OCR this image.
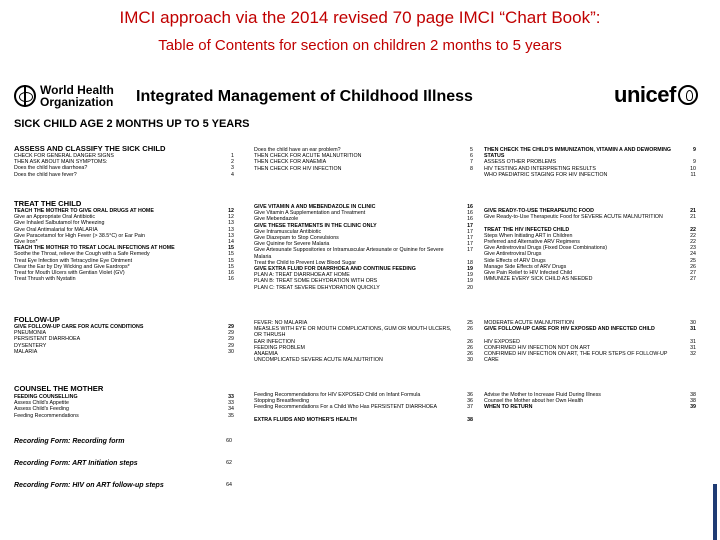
IMCI approach via the 2014 revised 70 page IMCI “Chart Book”:
Table of Contents for section on children 2 months to 5 years
World Health
Organization Integrated Management of Childhood Illness	unicef
SICK CHILD AGE 2 MONTHS UP TO 5 YEARS
ASSESS AND CLASSIFY THE SICK CHILD
TREAT THE CHILD
FOLLOW-UP
COUNSEL THE MOTHER
CHECK FOR GENERAL DANGER SIGNS	1
THEN ASK ABOUT MAIN SYMPTOMS:	2
Does the child have diarrhoea?	3
Does the child have fever?	4
TEACH THE MOTHER TO GIVE ORAL DRUGS AT HOME	12
Give an Appropriate Oral Antibiotic	12
Give Inhaled Salbutamol for Wheezing	13
Give Oral Antimalarial for MALARIA	13
Give Paracetamol for High Fever (> 38.5°C) or Ear Pain	13
Give Iron*	14
TEACH THE MOTHER TO TREAT LOCAL INFECTIONS AT HOME	15
Soothe the Throat, relieve the Cough with a Safe Remedy	15
Treat Eye Infection with Tetracycline Eye Ointment	15
Clear the Ear by Dry Wicking and Give Eardrops*	15
Treat for Mouth Ulcers with Gentian Violet (GV)	16
Treat Thrush with Nystatin	16
GIVE FOLLOW-UP CARE FOR ACUTE CONDITIONS	29
PNEUMONIA	29
PERSISTENT DIARRHOEA	29
DYSENTERY	29
MALARIA	30
FEEDING COUNSELLING	33
Assess Child's Appetite	33
Assess Child's Feeding	34
Feeding Recommendations	35
Does the child have an ear problem?	5
THEN CHECK FOR ACUTE MALNUTRITION	6
THEN CHECK FOR ANAEMIA	7
THEN CHECK FOR HIV INFECTION	8
GIVE VITAMIN A AND MEBENDAZOLE IN CLINIC	16
Give Vitamin A Supplementation and Treatment	16
Give Mebendazole	16
GIVE THESE TREATMENTS IN THE CLINIC ONLY	17
Give Intramuscular Antibiotic	17
Give Diazepam to Stop Convulsions	17
Give Quinine for Severe Malaria	17
Give Artesunate Suppositories or Intramuscular Artesunate or Quinine for Severe Malaria
17
Treat the Child to Prevent Low Blood Sugar	18
GIVE EXTRA FLUID FOR DIARRHOEA AND CONTINUE FEEDING	19
PLAN A: TREAT DIARRHOEA AT HOME	19
PLAN B: TREAT SOME DEHYDRATION WITH ORS	19
PLAN C: TREAT SEVERE DEHYDRATION QUICKLY	20
FEVER: NO MALARIA	25
MEASLES WITH EYE OR MOUTH COMPLICATIONS, GUM OR MOUTH ULCERS, OR THRUSH
26
EAR INFECTION	26
FEEDING PROBLEM	26
ANAEMIA	26
UNCOMPLICATED SEVERE ACUTE MALNUTRITION	30
Feeding Recommendations for HIV EXPOSED Child on Infant Formula	36
Stopping Breastfeeding	36
Feeding Recommendations For a Child Who Has PERSISTENT DIARRHOEA	37
EXTRA FLUIDS AND MOTHER'S HEALTH	38
THEN CHECK THE CHILD'S IMMUNIZATION, VITAMIN A AND DEWORMING STATUS
9
ASSESS OTHER PROBLEMS	9
HIV TESTING AND INTERPRETING RESULTS	10
WHO PAEDIATRIC STAGING FOR HIV INFECTION	11
GIVE READY-TO-USE THERAPEUTIC FOOD	21
Give Ready-to-Use Therapeutic Food for SEVERE ACUTE MALNUTRITION	21
TREAT THE HIV INFECTED CHILD	22
Steps When Initiating ART in Children	22
Preferred and Alternative ARV Regimens	22
Give Antiretroviral Drugs (Fixed Dose Combinations)	23
Give Antiretroviral Drugs	24
Side Effects of ARV Drugs	25
Manage Side Effects of ARV Drugs	26
Give Pain Relief to HIV Infected Child	27
IMMUNIZE EVERY SICK CHILD AS NEEDED	27
MODERATE ACUTE MALNUTRITION	30
GIVE FOLLOW-UP CARE FOR HIV EXPOSED AND INFECTED CHILD	31
HIV EXPOSED	31
CONFIRMED HIV INFECTION NOT ON ART	31
CONFIRMED HIV INFECTION ON ART, THE FOUR STEPS OF FOLLOW-UP CARE
32
Advise the Mother to Increase Fluid During Illness	38
Counsel the Mother about her Own Health	38
WHEN TO RETURN	39
Recording Form: Recording form	60
Recording Form: ART Initiation steps	62
Recording Form: HIV on ART follow-up steps	64
